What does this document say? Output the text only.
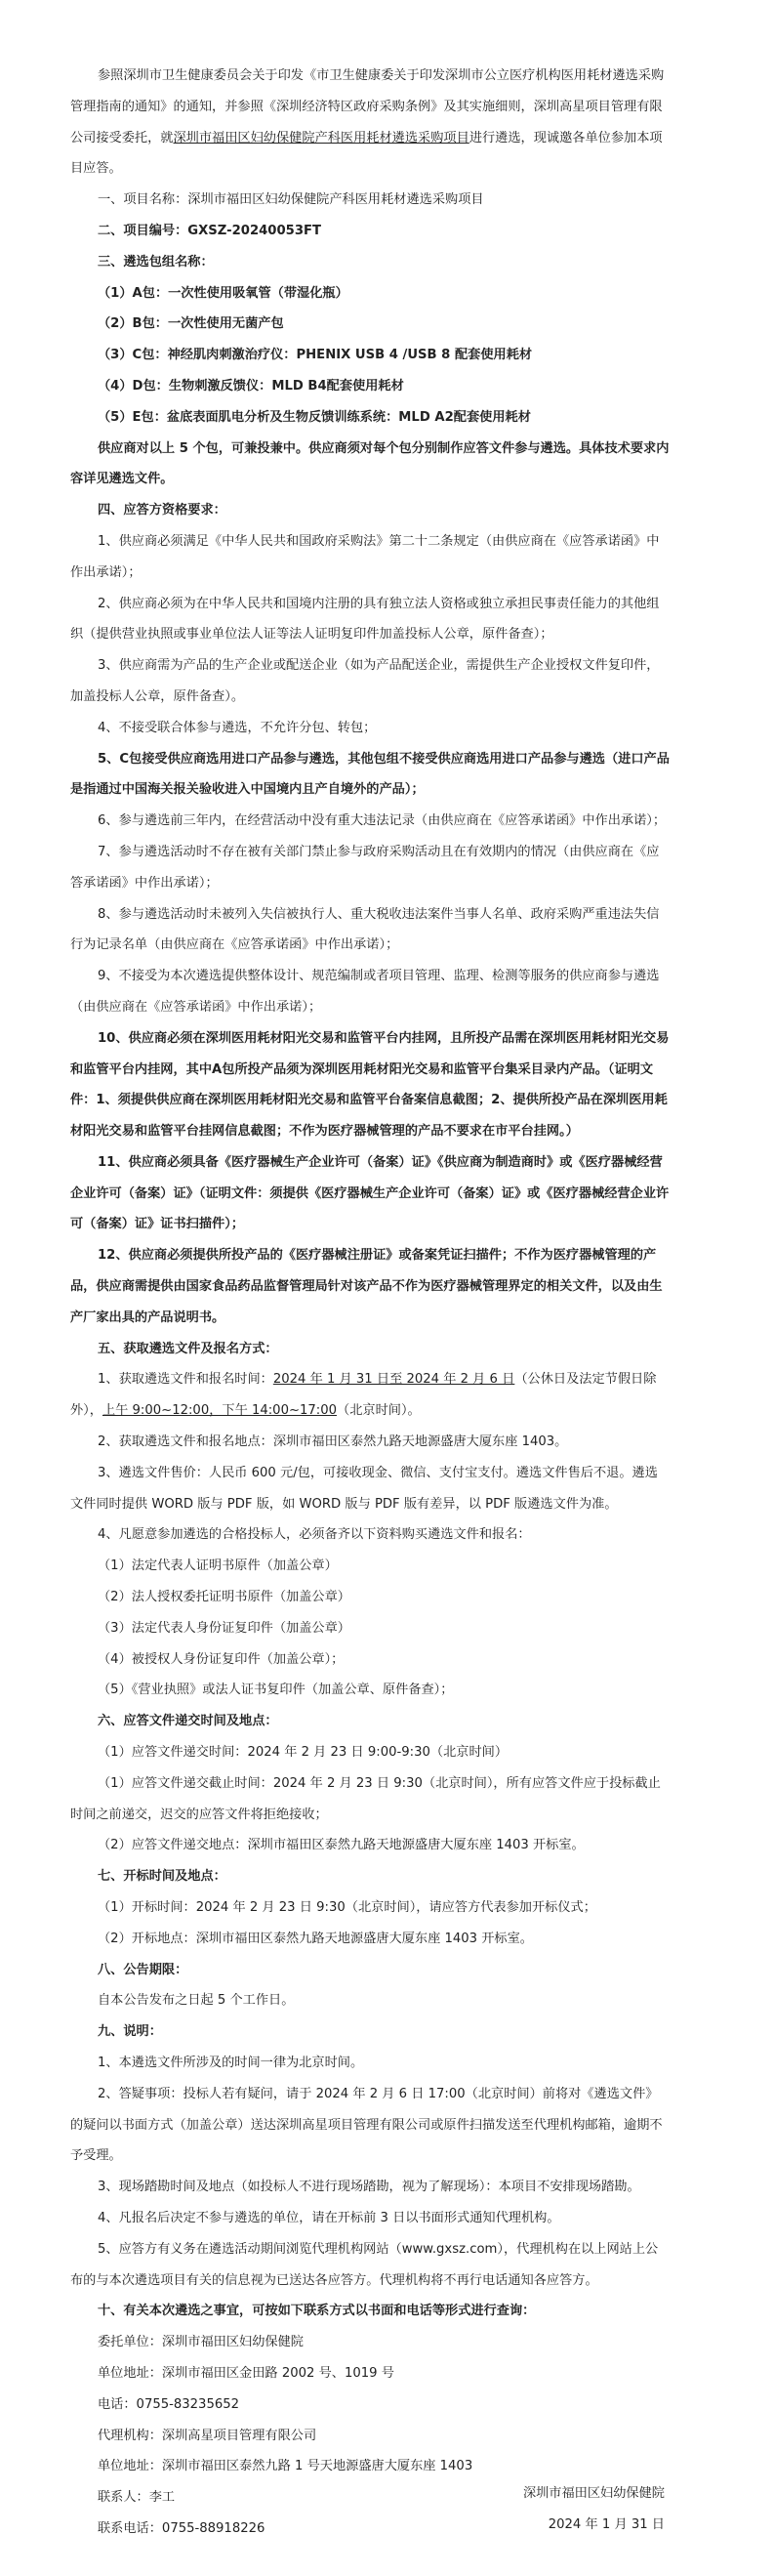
参照深圳市卫生健康委员会关于印发《市卫生健康委关于印发深圳市公立医疗机构医用耗材遴选采购管理指南的通知》的通知，并参照《深圳经济特区政府采购条例》及其实施细则，深圳高星项目管理有限公司接受委托，就深圳市福田区妇幼保健院产科医用耗材遴选采购项目进行遴选，现诚邀各单位参加本项目应答。

一、项目名称：深圳市福田区妇幼保健院产科医用耗材遴选采购项目

二、项目编号：GXSZ-20240053FT

三、遴选包组名称：

（1）A包：一次性使用吸氧管（带湿化瓶）

（2）B包：一次性使用无菌产包

（3）C包：神经肌肉刺激治疗仪：PHENIX USB 4 /USB 8 配套使用耗材

（4）D包：生物刺激反馈仪：MLD B4配套使用耗材

（5）E包：盆底表面肌电分析及生物反馈训练系统：MLD A2配套使用耗材

供应商对以上 5 个包，可兼投兼中。供应商须对每个包分别制作应答文件参与遴选。具体技术要求内容详见遴选文件。

四、应答方资格要求：

1、供应商必须满足《中华人民共和国政府采购法》第二十二条规定（由供应商在《应答承诺函》中作出承诺）；

2、供应商必须为在中华人民共和国境内注册的具有独立法人资格或独立承担民事责任能力的其他组织（提供营业执照或事业单位法人证等法人证明复印件加盖投标人公章，原件备查）；

3、供应商需为产品的生产企业或配送企业（如为产品配送企业，需提供生产企业授权文件复印件，加盖投标人公章，原件备查）。

4、不接受联合体参与遴选，不允许分包、转包；

5、C包接受供应商选用进口产品参与遴选，其他包组不接受供应商选用进口产品参与遴选（进口产品是指通过中国海关报关验收进入中国境内且产自境外的产品）；

6、参与遴选前三年内，在经营活动中没有重大违法记录（由供应商在《应答承诺函》中作出承诺）；

7、参与遴选活动时不存在被有关部门禁止参与政府采购活动且在有效期内的情况（由供应商在《应答承诺函》中作出承诺）；

8、参与遴选活动时未被列入失信被执行人、重大税收违法案件当事人名单、政府采购严重违法失信行为记录名单（由供应商在《应答承诺函》中作出承诺）；

9、不接受为本次遴选提供整体设计、规范编制或者项目管理、监理、检测等服务的供应商参与遴选（由供应商在《应答承诺函》中作出承诺）；

10、供应商必须在深圳医用耗材阳光交易和监管平台内挂网，且所投产品需在深圳医用耗材阳光交易和监管平台内挂网，其中A包所投产品须为深圳医用耗材阳光交易和监管平台集采目录内产品。（证明文件：1、须提供供应商在深圳医用耗材阳光交易和监管平台备案信息截图；2、提供所投产品在深圳医用耗材阳光交易和监管平台挂网信息截图；不作为医疗器械管理的产品不要求在市平台挂网。）

11、供应商必须具备《医疗器械生产企业许可（备案）证》《供应商为制造商时》或《医疗器械经营企业许可（备案）证》（证明文件：须提供《医疗器械生产企业许可（备案）证》或《医疗器械经营企业许可（备案）证》证书扫描件）；

12、供应商必须提供所投产品的《医疗器械注册证》或备案凭证扫描件；不作为医疗器械管理的产品，供应商需提供由国家食品药品监督管理局针对该产品不作为医疗器械管理界定的相关文件，以及由生产厂家出具的产品说明书。

五、获取遴选文件及报名方式：

1、获取遴选文件和报名时间：2024 年 1 月 31 日至 2024 年 2 月 6 日（公休日及法定节假日除外），上午 9:00~12:00，下午 14:00~17:00（北京时间）。

2、获取遴选文件和报名地点：深圳市福田区泰然九路天地源盛唐大厦东座 1403。

3、遴选文件售价：人民币 600 元/包，可接收现金、微信、支付宝支付。遴选文件售后不退。遴选文件同时提供 WORD 版与 PDF 版，如 WORD 版与 PDF 版有差异，以 PDF 版遴选文件为准。

4、凡愿意参加遴选的合格投标人，必须备齐以下资料购买遴选文件和报名：

（1）法定代表人证明书原件（加盖公章）

（2）法人授权委托证明书原件（加盖公章）

（3）法定代表人身份证复印件（加盖公章）

（4）被授权人身份证复印件（加盖公章）；

（5）《营业执照》或法人证书复印件（加盖公章、原件备查）；

六、应答文件递交时间及地点：

（1）应答文件递交时间：2024 年 2 月 23 日 9:00-9:30（北京时间）

（1）应答文件递交截止时间：2024 年 2 月 23 日 9:30（北京时间），所有应答文件应于投标截止时间之前递交，迟交的应答文件将拒绝接收；

（2）应答文件递交地点：深圳市福田区泰然九路天地源盛唐大厦东座 1403 开标室。

七、开标时间及地点：

（1）开标时间：2024 年 2 月 23 日 9:30（北京时间），请应答方代表参加开标仪式；

（2）开标地点：深圳市福田区泰然九路天地源盛唐大厦东座 1403 开标室。

八、公告期限：

自本公告发布之日起 5 个工作日。

九、说明：

1、本遴选文件所涉及的时间一律为北京时间。

2、答疑事项：投标人若有疑问，请于 2024 年 2 月 6 日 17:00（北京时间）前将对《遴选文件》的疑问以书面方式（加盖公章）送达深圳高星项目管理有限公司或原件扫描发送至代理机构邮箱，逾期不予受理。

3、现场踏勘时间及地点（如投标人不进行现场踏勘，视为了解现场）：本项目不安排现场踏勘。

4、凡报名后决定不参与遴选的单位，请在开标前 3 日以书面形式通知代理机构。

5、应答方有义务在遴选活动期间浏览代理机构网站（www.gxsz.com），代理机构在以上网站上公布的与本次遴选项目有关的信息视为已送达各应答方。代理机构将不再行电话通知各应答方。

十、有关本次遴选之事宜，可按如下联系方式以书面和电话等形式进行查询：

委托单位：深圳市福田区妇幼保健院

单位地址：深圳市福田区金田路 2002 号、1019 号

电话：0755-83235652

代理机构：深圳高星项目管理有限公司

单位地址：深圳市福田区泰然九路 1 号天地源盛唐大厦东座 1403

联系人：李工

联系电话：0755-88918226

深圳市福田区妇幼保健院
2024 年 1 月 31 日
